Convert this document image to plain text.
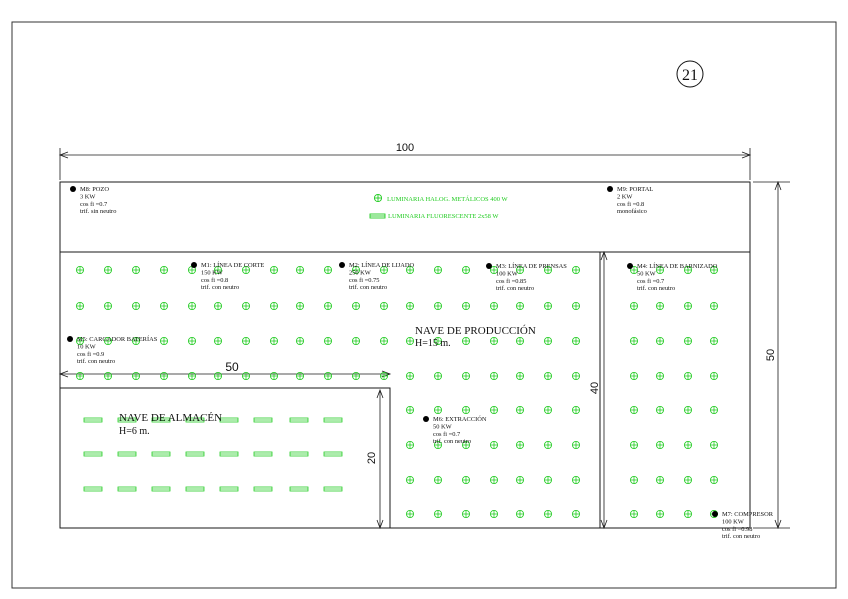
21
100
50
50
40
20
LUMINARIA HALOG. METÁLICOS 400 W
LUMINARIA FLUORESCENTE 2x58 W
NAVE DE PRODUCCIÓN
H=15 m.
NAVE DE ALMACÉN
H=6 m.
M8: POZO
3 KW
cos fi =0.7
trif. sin neutro
M9: PORTAL
2 KW
cos fi =0.8
monofásico
M1: LÍNEA DE CORTE
150 KW
cos fi =0.8
trif. con neutro
M2: LÍNEA DE LIJADO
250 KW
cos fi =0.75
trif. con neutro
M3: LÍNEA DE PRENSAS
100 KW
cos fi =0.85
trif. con neutro
M4: LÍNEA DE BARNIZADO
50 KW
cos fi =0.7
trif. con neutro
M5: CARGADOR BATERÍAS
10 KW
cos fi =0.9
trif. con neutro
M6: EXTRACCIÓN
50 KW
cos fi =0.7
trif. con neutro
M7: COMPRESOR
100 KW
cos fi =0.98
trif. con neutro
